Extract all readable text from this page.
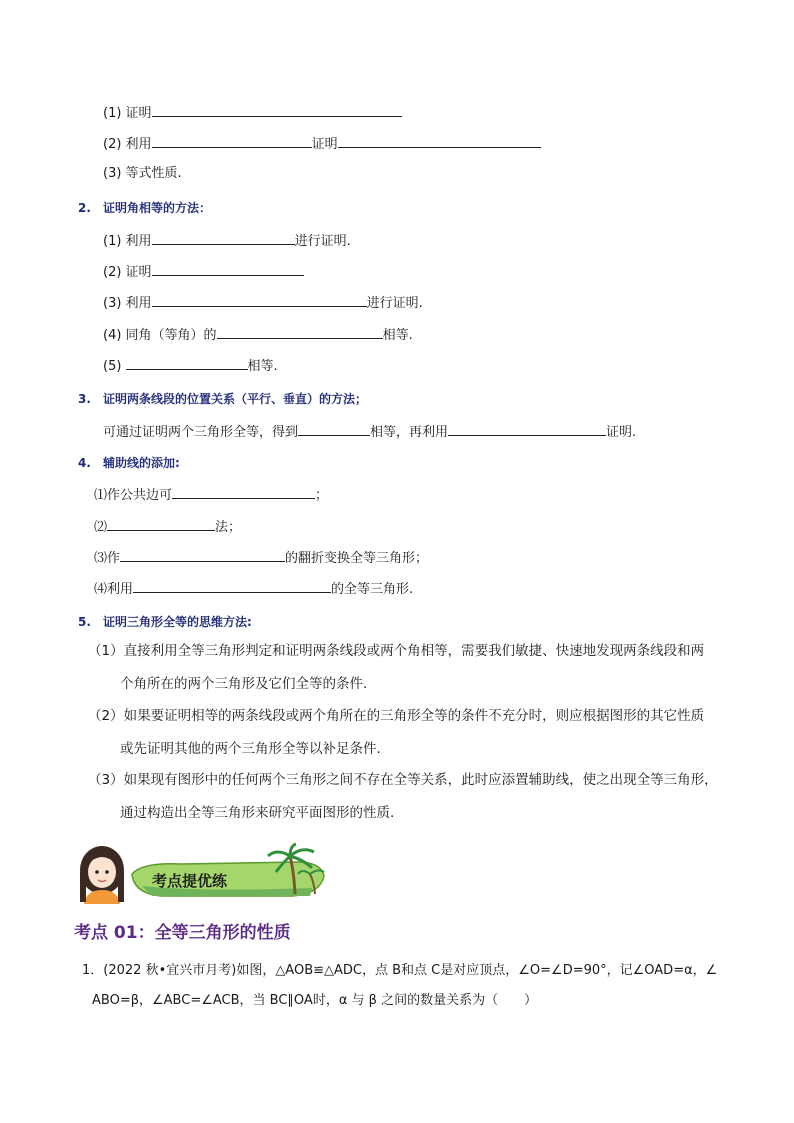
(1) 证明
(2) 利用	证明
(3) 等式性质.
2. 证明角相等的方法：
(1) 利用	进行证明.
(2) 证明
(3) 利用	进行证明.
(4) 同角（等角）的	相等.
(5)	相等.
3. 证明两条线段的位置关系（平行、垂直）的方法；
可通过证明两个三角形全等，得到	相等，再利用	证明.
4. 辅助线的添加:
⑴作公共边可	；
⑵	法；
⑶作	的翻折变换全等三角形；
⑷利用	的全等三角形.
5. 证明三角形全等的思维方法:
（1）直接利用全等三角形判定和证明两条线段或两个角相等，需要我们敏捷、快速地发现两条线段和两
个角所在的两个三角形及它们全等的条件.
（2）如果要证明相等的两条线段或两个角所在的三角形全等的条件不充分时，则应根据图形的其它性质
或先证明其他的两个三角形全等以补足条件.
（3）如果现有图形中的任何两个三角形之间不存在全等关系，此时应添置辅助线，使之出现全等三角形，
通过构造出全等三角形来研究平面图形的性质.
考点提优练
考点 01：全等三角形的性质
1．(2022 秋•宜兴市月考)如图，△AOB≌△ADC，点 B和点 C是对应顶点，∠O=∠D=90°，记∠OAD=α，∠
ABO=β，∠ABC=∠ACB，当 BC∥OA时，α 与 β 之间的数量关系为（　　）
